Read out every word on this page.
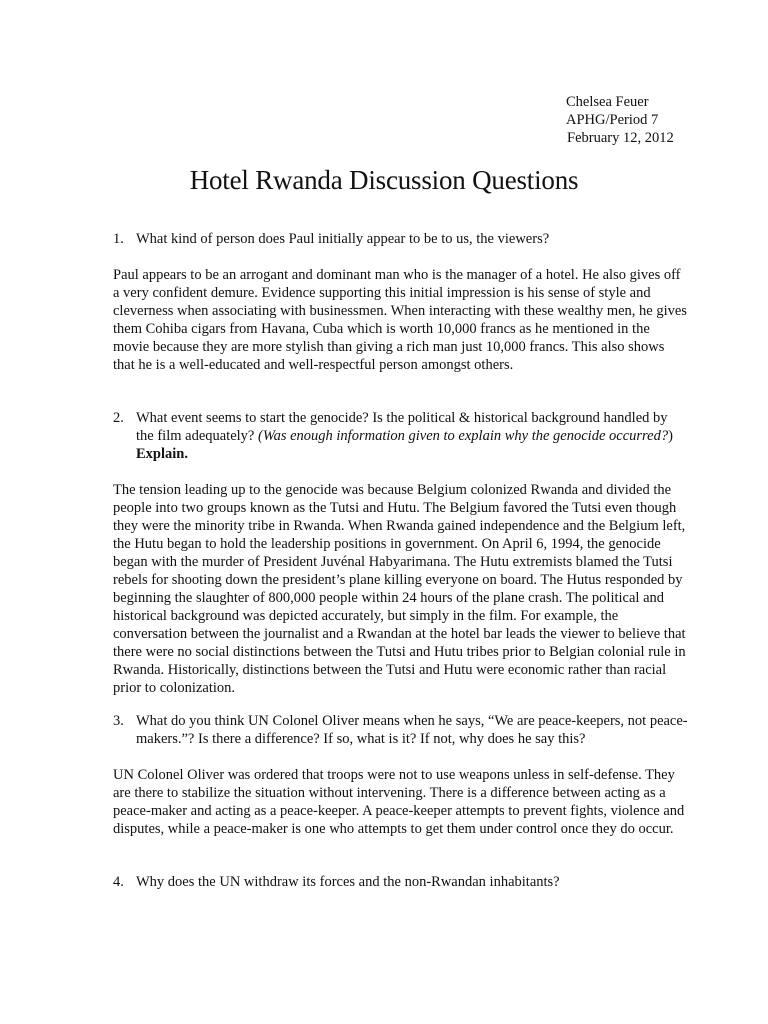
Chelsea Feuer
APHG/Period 7
February 12, 2012
Hotel Rwanda Discussion Questions
1. What kind of person does Paul initially appear to be to us, the viewers?

Paul appears to be an arrogant and dominant man who is the manager of a hotel. He also gives off a very confident demure. Evidence supporting this initial impression is his sense of style and cleverness when associating with businessmen. When interacting with these wealthy men, he gives them Cohiba cigars from Havana, Cuba which is worth 10,000 francs as he mentioned in the movie because they are more stylish than giving a rich man just 10,000 francs. This also shows that he is a well-educated and well-respectful person amongst others.

2. What event seems to start the genocide? Is the political & historical background handled by the film adequately? (Was enough information given to explain why the genocide occurred?) Explain.

The tension leading up to the genocide was because Belgium colonized Rwanda and divided the people into two groups known as the Tutsi and Hutu. The Belgium favored the Tutsi even though they were the minority tribe in Rwanda. When Rwanda gained independence and the Belgium left, the Hutu began to hold the leadership positions in government. On April 6, 1994, the genocide began with the murder of President Juvénal Habyarimana. The Hutu extremists blamed the Tutsi rebels for shooting down the president’s plane killing everyone on board. The Hutus responded by beginning the slaughter of 800,000 people within 24 hours of the plane crash. The political and historical background was depicted accurately, but simply in the film. For example, the conversation between the journalist and a Rwandan at the hotel bar leads the viewer to believe that there were no social distinctions between the Tutsi and Hutu tribes prior to Belgian colonial rule in Rwanda. Historically, distinctions between the Tutsi and Hutu were economic rather than racial prior to colonization.

3. What do you think UN Colonel Oliver means when he says, “We are peace-keepers, not peace-makers.”? Is there a difference? If so, what is it? If not, why does he say this?

UN Colonel Oliver was ordered that troops were not to use weapons unless in self-defense. They are there to stabilize the situation without intervening. There is a difference between acting as a peace-maker and acting as a peace-keeper. A peace-keeper attempts to prevent fights, violence and disputes, while a peace-maker is one who attempts to get them under control once they do occur.

4. Why does the UN withdraw its forces and the non-Rwandan inhabitants?
